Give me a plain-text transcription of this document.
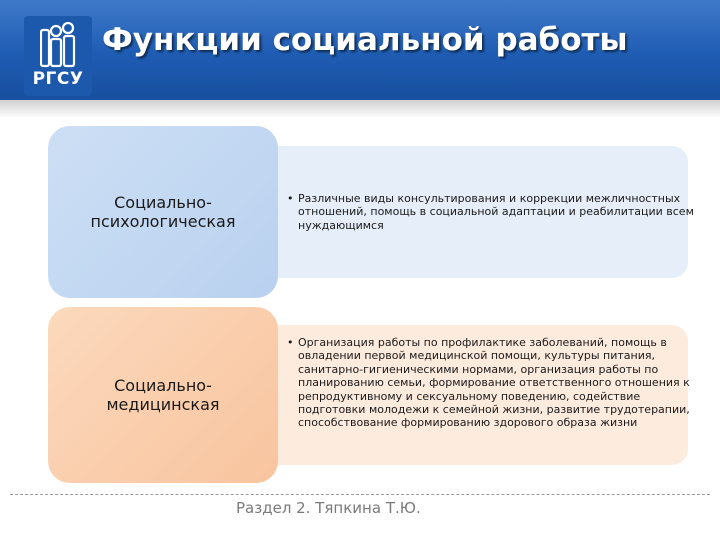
РГСУ
Функции социальной работы
Социально-
психологическая
• Различные виды консультирования и коррекции межличностных отношений, помощь в социальной адаптации и реабилитации всем нуждающимся
Социально-
медицинская
• Организация работы по профилактике заболеваний, помощь в овладении первой медицинской помощи, культуры питания, санитарно-гигиеническими нормами, организация работы по планированию семьи, формирование ответственного отношения к репродуктивному и сексуальному поведению, содействие подготовки молодежи к семейной жизни, развитие трудотерапии, способствование формированию здорового образа жизни
Раздел 2. Тяпкина Т.Ю.
